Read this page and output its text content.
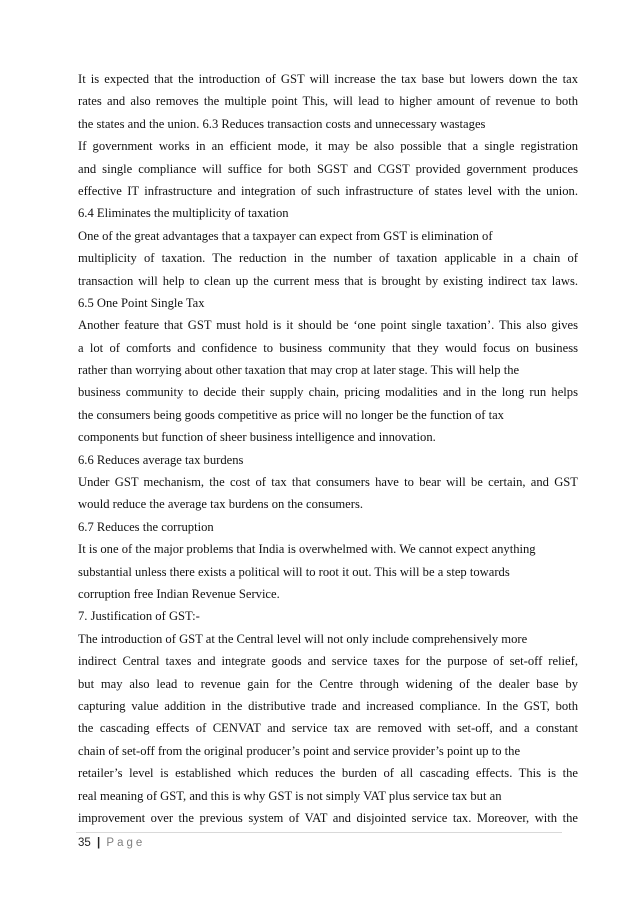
It is expected that the introduction of GST will increase the tax base but lowers down the tax
rates and also removes the multiple point This, will lead to higher amount of revenue to both
the states and the union. 6.3 Reduces transaction costs and unnecessary wastages
If government works in an efficient mode, it may be also possible that a single registration
and single compliance will suffice for both SGST and CGST provided government produces
effective IT infrastructure and integration of such infrastructure of states level with the union.
6.4 Eliminates the multiplicity of taxation
One of the great advantages that a taxpayer can expect from GST is elimination of
multiplicity of taxation. The reduction in the number of taxation applicable in a chain of
transaction will help to clean up the current mess that is brought by existing indirect tax laws.
6.5 One Point Single Tax
Another feature that GST must hold is it should be ‘one point single taxation’. This also gives
a lot of comforts and confidence to business community that they would focus on business
rather than worrying about other taxation that may crop at later stage. This will help the
business community to decide their supply chain, pricing modalities and in the long run helps
the consumers being goods competitive as price will no longer be the function of tax
components but function of sheer business intelligence and innovation.
6.6 Reduces average tax burdens
Under GST mechanism, the cost of tax that consumers have to bear will be certain, and GST
would reduce the average tax burdens on the consumers.
6.7 Reduces the corruption
It is one of the major problems that India is overwhelmed with. We cannot expect anything
substantial unless there exists a political will to root it out. This will be a step towards
corruption free Indian Revenue Service.
7. Justification of GST:-
The introduction of GST at the Central level will not only include comprehensively more
indirect Central taxes and integrate goods and service taxes for the purpose of set-off relief,
but may also lead to revenue gain for the Centre through widening of the dealer base by
capturing value addition in the distributive trade and increased compliance. In the GST, both
the cascading effects of CENVAT and service tax are removed with set-off, and a constant
chain of set-off from the original producer’s point and service provider’s point up to the
retailer’s level is established which reduces the burden of all cascading effects. This is the
real meaning of GST, and this is why GST is not simply VAT plus service tax but an
improvement over the previous system of VAT and disjointed service tax. Moreover, with the
35 | Page
